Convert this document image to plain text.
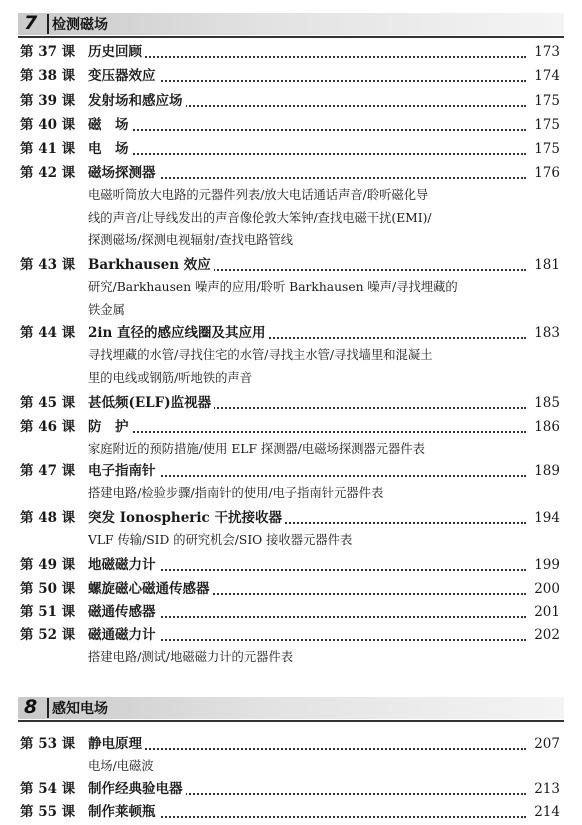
7 检测磁场
第 37 课 历史回顾	173
第 38 课 变压器效应	174
第 39 课 发射场和感应场	175
第 40 课 磁　场	175
第 41 课 电　场	175
第 42 课 磁场探测器	176
电磁听筒放大电路的元器件列表/放大电话通话声音/聆听磁化导
线的声音/让导线发出的声音像伦敦大笨钟/查找电磁干扰(EMI)/
探测磁场/探测电视辐射/查找电路管线
第 43 课 Barkhausen 效应	181
研究/Barkhausen 噪声的应用/聆听 Barkhausen 噪声/寻找埋藏的
铁金属
第 44 课 2in 直径的感应线圈及其应用	183
寻找埋藏的水管/寻找住宅的水管/寻找主水管/寻找墙里和混凝土
里的电线或钢筋/听地铁的声音
第 45 课 甚低频(ELF)监视器	185
第 46 课 防　护	186
家庭附近的预防措施/使用 ELF 探测器/电磁场探测器元器件表
第 47 课 电子指南针	189
搭建电路/检验步骤/指南针的使用/电子指南针元器件表
第 48 课 突发 Ionospheric 干扰接收器	194
VLF 传输/SID 的研究机会/SIO 接收器元器件表
第 49 课 地磁磁力计	199
第 50 课 螺旋磁心磁通传感器	200
第 51 课 磁通传感器	201
第 52 课 磁通磁力计	202
搭建电路/测试/地磁磁力计的元器件表
8 感知电场
第 53 课 静电原理	207
电场/电磁波
第 54 课 制作经典验电器	213
第 55 课 制作莱顿瓶	214
